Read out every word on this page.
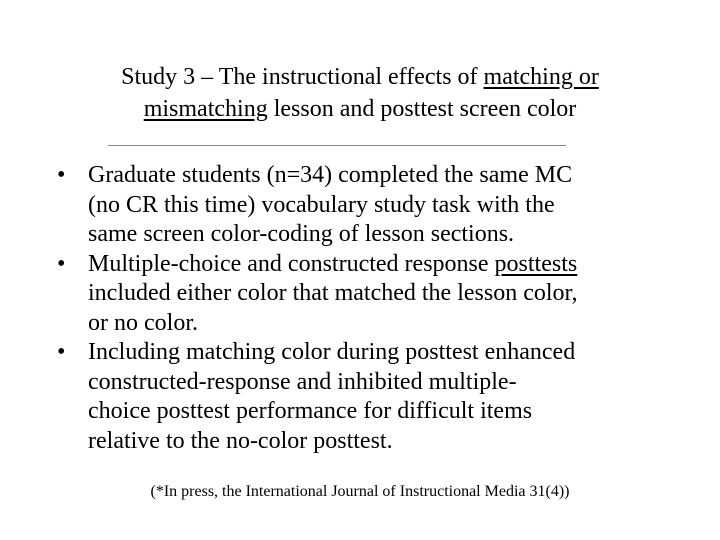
Study 3 – The instructional effects of matching or
mismatching lesson and posttest screen color
• Graduate students (n=34) completed the same MC
(no CR this time) vocabulary study task with the
same screen color-coding of lesson sections.
• Multiple-choice and constructed response posttests
included either color that matched the lesson color,
or no color.
• Including matching color during posttest enhanced
constructed-response and inhibited multiple-
choice posttest performance for difficult items
relative to the no-color posttest.
(*In press, the International Journal of Instructional Media 31(4))
